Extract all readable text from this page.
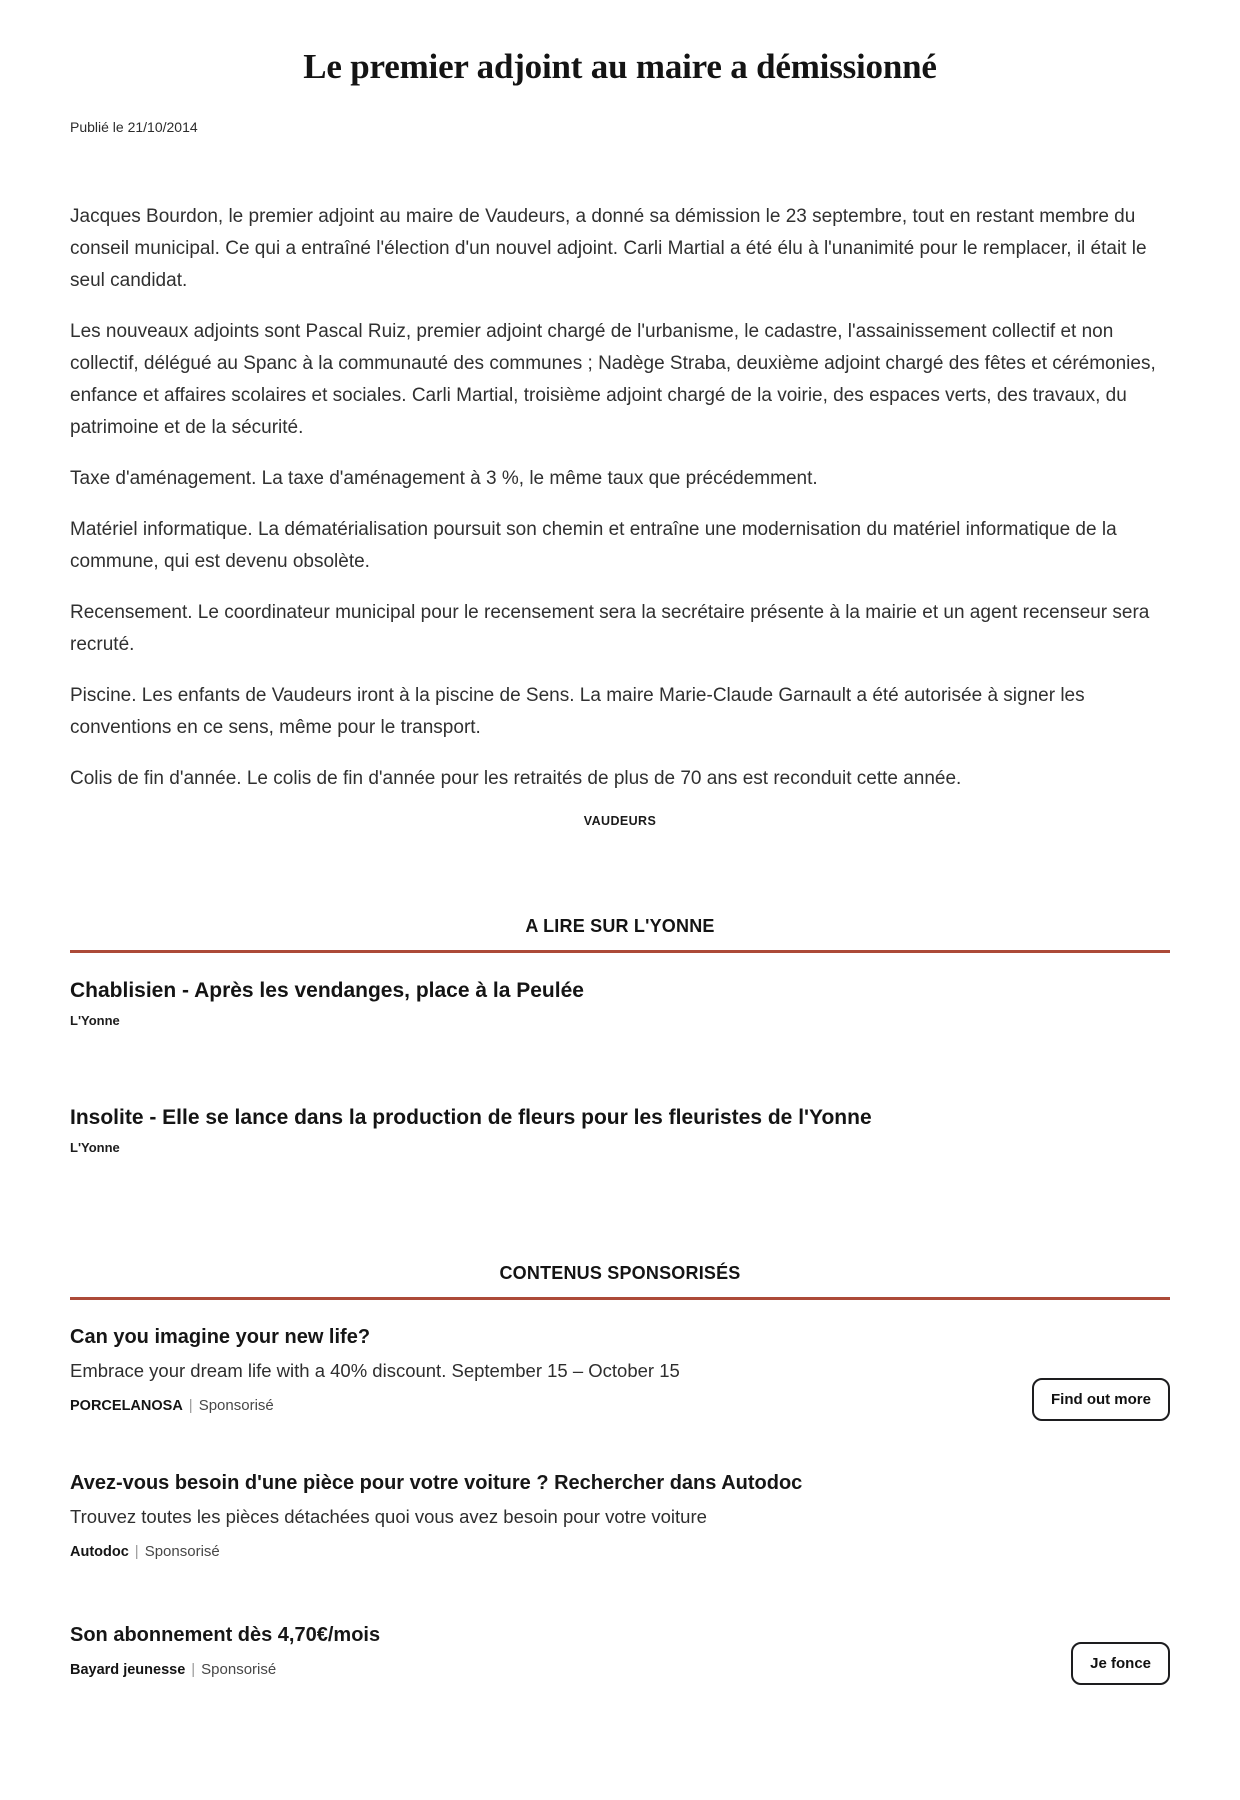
Le premier adjoint au maire a démissionné
Publié le 21/10/2014

Jacques Bourdon, le premier adjoint au maire de Vaudeurs, a donné sa démission le 23 septembre, tout en restant membre du conseil municipal. Ce qui a entraîné l'élection d'un nouvel adjoint. Carli Martial a été élu à l'unanimité pour le remplacer, il était le seul candidat.

Les nouveaux adjoints sont Pascal Ruiz, premier adjoint chargé de l'urbanisme, le cadastre, l'assainissement collectif et non collectif, délégué au Spanc à la communauté des communes ; Nadège Straba, deuxième adjoint chargé des fêtes et cérémonies, enfance et affaires scolaires et sociales. Carli Martial, troisième adjoint chargé de la voirie, des espaces verts, des travaux, du patrimoine et de la sécurité.

Taxe d'aménagement. La taxe d'aménagement à 3 %, le même taux que précédemment.

Matériel informatique. La dématérialisation poursuit son chemin et entraîne une modernisation du matériel informatique de la commune, qui est devenu obsolète.

Recensement. Le coordinateur municipal pour le recensement sera la secrétaire présente à la mairie et un agent recenseur sera recruté.

Piscine. Les enfants de Vaudeurs iront à la piscine de Sens. La maire Marie-Claude Garnault a été autorisée à signer les conventions en ce sens, même pour le transport.

Colis de fin d'année. Le colis de fin d'année pour les retraités de plus de 70 ans est reconduit cette année.

VAUDEURS
A LIRE SUR L'YONNE
Chablisien - Après les vendanges, place à la Peulée
L'Yonne
Insolite - Elle se lance dans la production de fleurs pour les fleuristes de l'Yonne
L'Yonne
CONTENUS SPONSORISÉS
Can you imagine your new life?
Embrace your dream life with a 40% discount. September 15 – October 15
PORCELANOSA | Sponsorisé	Find out more
Avez-vous besoin d'une pièce pour votre voiture ? Rechercher dans Autodoc
Trouvez toutes les pièces détachées quoi vous avez besoin pour votre voiture
Autodoc | Sponsorisé
Son abonnement dès 4,70€/mois
Bayard jeunesse | Sponsorisé	Je fonce
